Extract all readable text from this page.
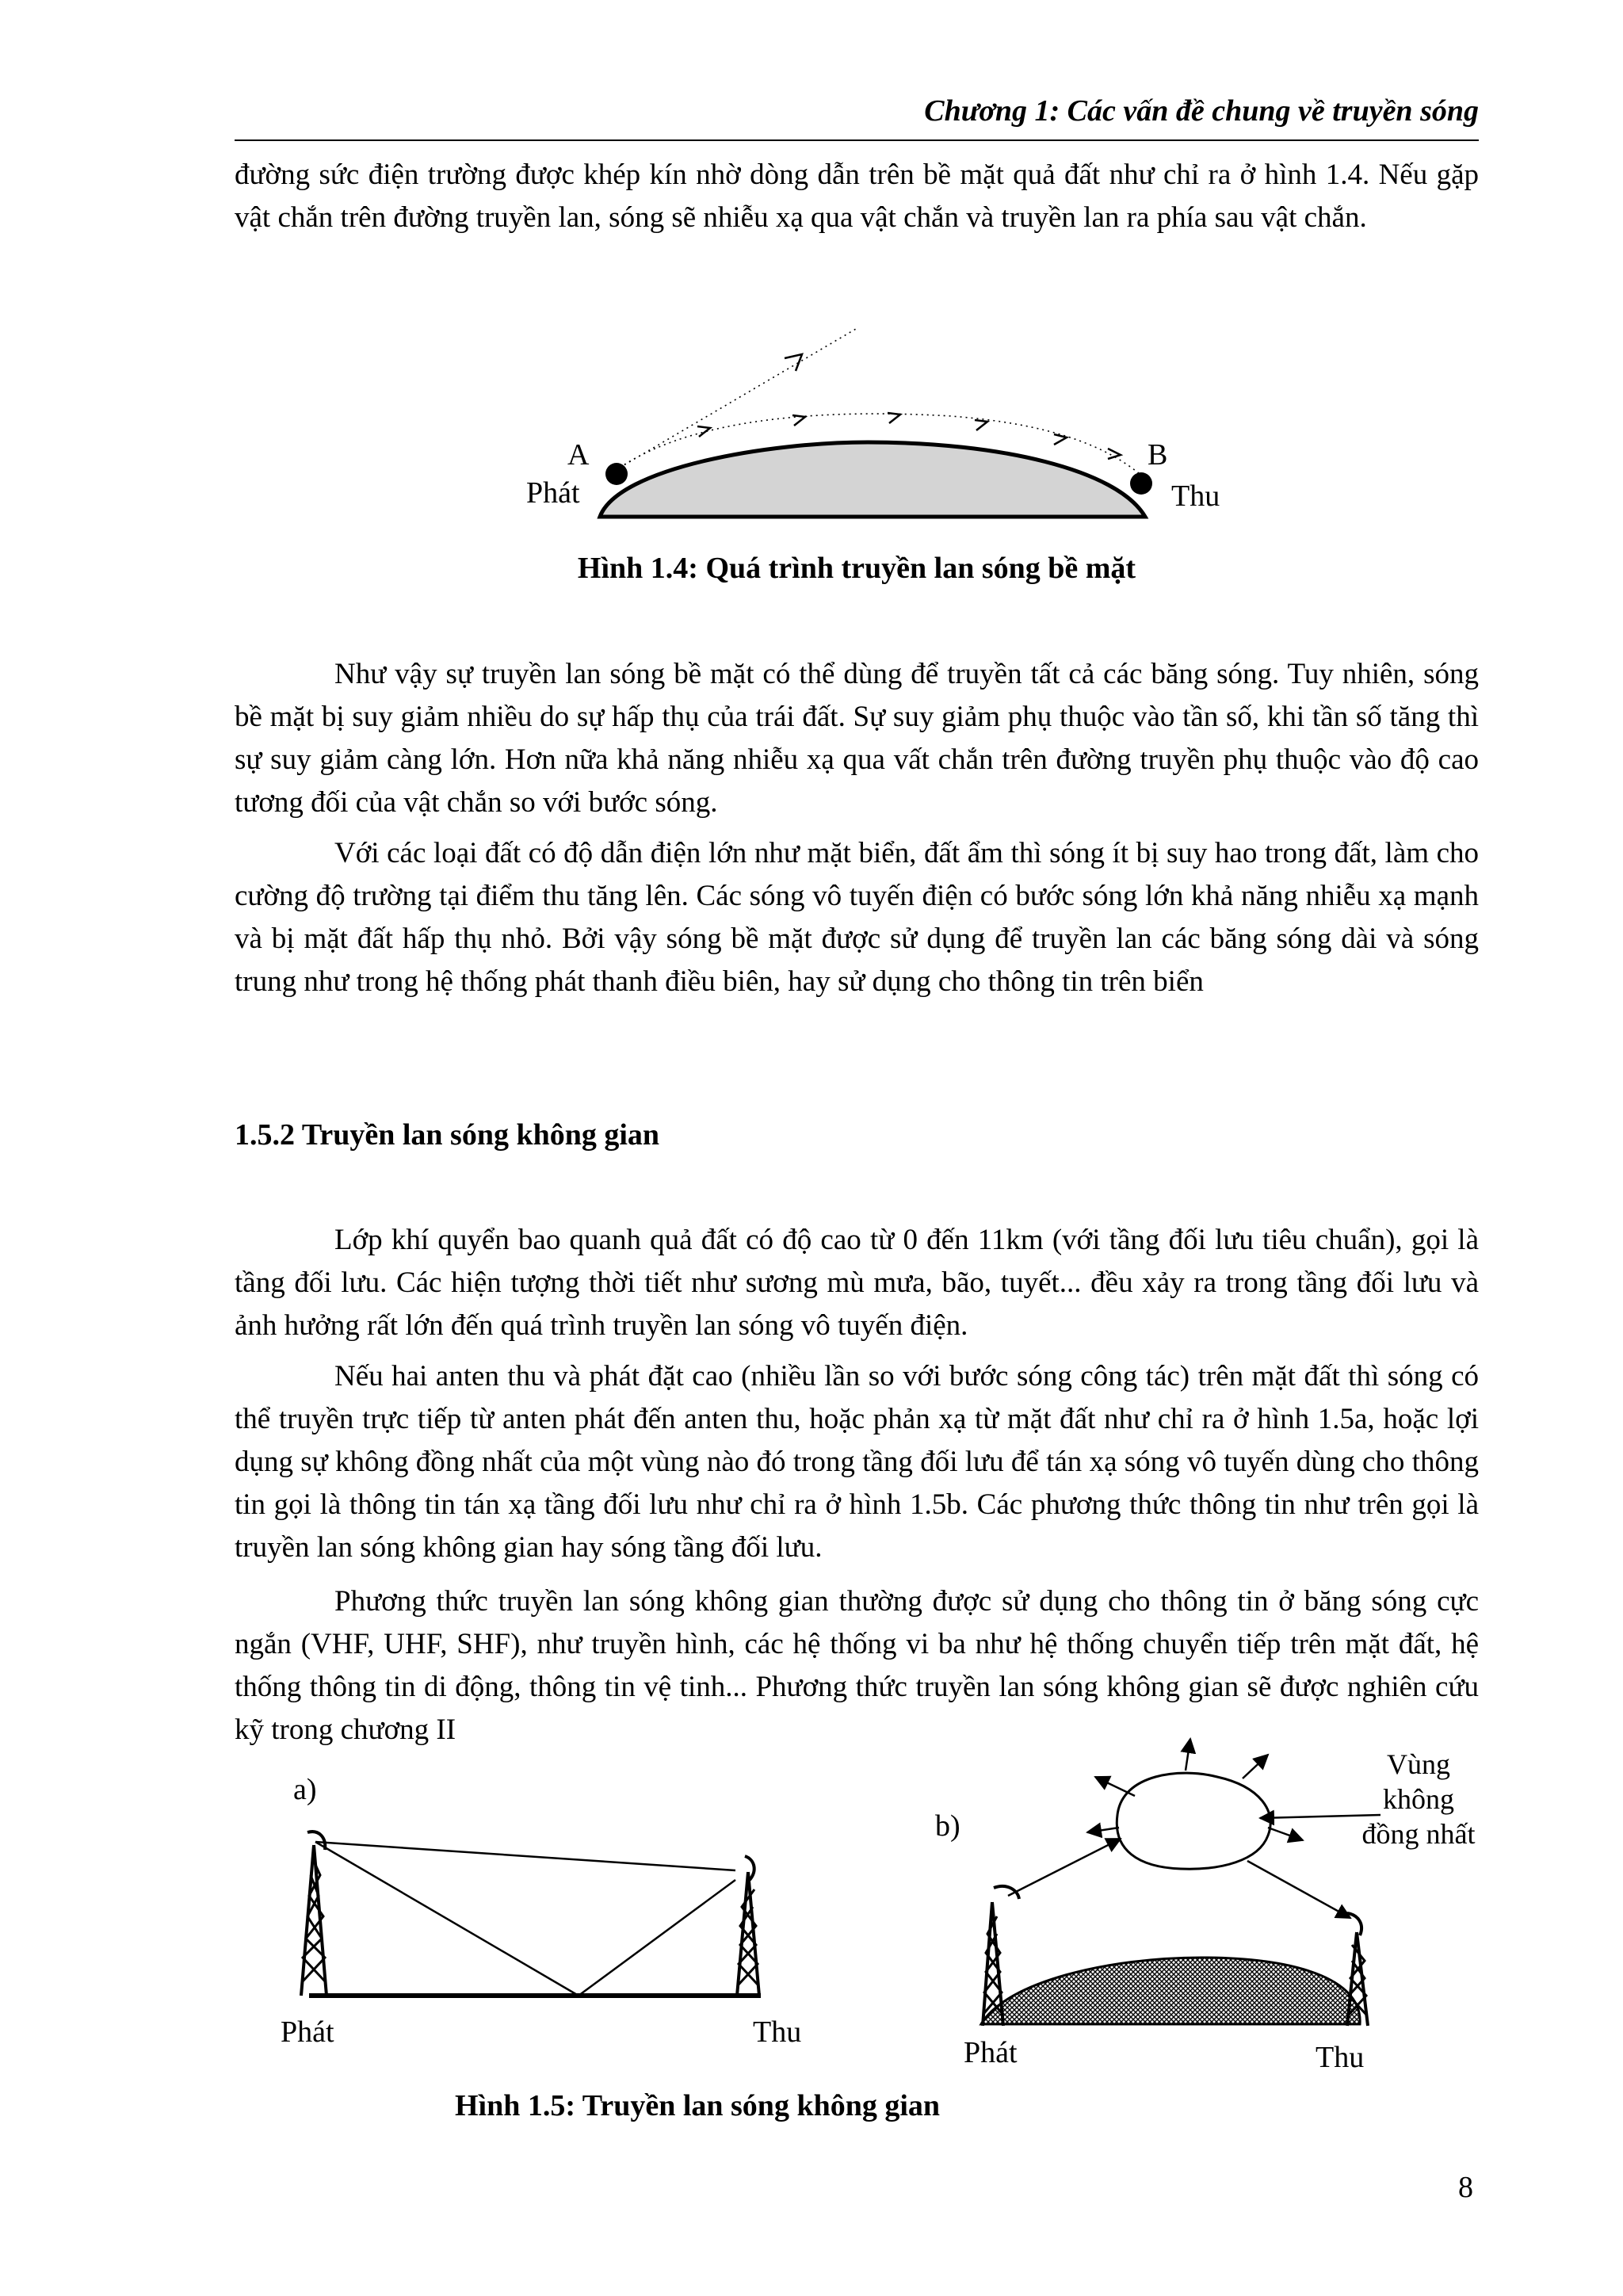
Chương 1: Các vấn đề chung về truyền sóng

đường sức điện trường được khép kín nhờ dòng dẫn trên bề mặt quả đất như chỉ ra ở hình 1.4. Nếu gặp vật chắn trên đường truyền lan, sóng sẽ nhiễu xạ qua vật chắn và truyền lan ra phía sau vật chắn.

A	B
Phát	Thu

Hình 1.4: Quá trình truyền lan sóng bề mặt

Như vậy sự truyền lan sóng bề mặt có thể dùng để truyền tất cả các băng sóng. Tuy nhiên, sóng bề mặt bị suy giảm nhiều do sự hấp thụ của trái đất. Sự suy giảm phụ thuộc vào tần số, khi tần số tăng thì sự suy giảm càng lớn. Hơn nữa khả năng nhiễu xạ qua vất chắn trên đường truyền phụ thuộc vào độ cao tương đối của vật chắn so với bước sóng.

Với các loại đất có độ dẫn điện lớn như mặt biển, đất ẩm thì sóng ít bị suy hao trong đất, làm cho cường độ trường tại điểm thu tăng lên. Các sóng vô tuyến điện có bước sóng lớn khả năng nhiễu xạ mạnh và bị mặt đất hấp thụ nhỏ. Bởi vậy sóng bề mặt được sử dụng để truyền lan các băng sóng dài và sóng trung như trong hệ thống phát thanh điều biên, hay sử dụng cho thông tin trên biển

1.5.2 Truyền lan sóng không gian

Lớp khí quyển bao quanh quả đất có độ cao từ 0 đến 11km (với tầng đối lưu tiêu chuẩn), gọi là tầng đối lưu. Các hiện tượng thời tiết như sương mù mưa, bão, tuyết... đều xảy ra trong tầng đối lưu và ảnh hưởng rất lớn đến quá trình truyền lan sóng vô tuyến điện.

Nếu hai anten thu và phát đặt cao (nhiều lần so với bước sóng công tác) trên mặt đất thì sóng có thể truyền trực tiếp từ anten phát đến anten thu, hoặc phản xạ từ mặt đất như chỉ ra ở hình 1.5a, hoặc lợi dụng sự không đồng nhất của một vùng nào đó trong tầng đối lưu để tán xạ sóng vô tuyến dùng cho thông tin gọi là thông tin tán xạ tầng đối lưu như chỉ ra ở hình 1.5b. Các phương thức thông tin như trên gọi là truyền lan sóng không gian hay sóng tầng đối lưu.

Phương thức truyền lan sóng không gian thường được sử dụng cho thông tin ở băng sóng cực ngắn (VHF, UHF, SHF), như truyền hình, các hệ thống vi ba như hệ thống chuyển tiếp trên mặt đất, hệ thống thông tin di động, thông tin vệ tinh... Phương thức truyền lan sóng không gian sẽ được nghiên cứu kỹ trong chương II

a)
Phát	Thu
b)
Vùng
không
đồng nhất
Phát	Thu

Hình 1.5: Truyền lan sóng không gian

8
